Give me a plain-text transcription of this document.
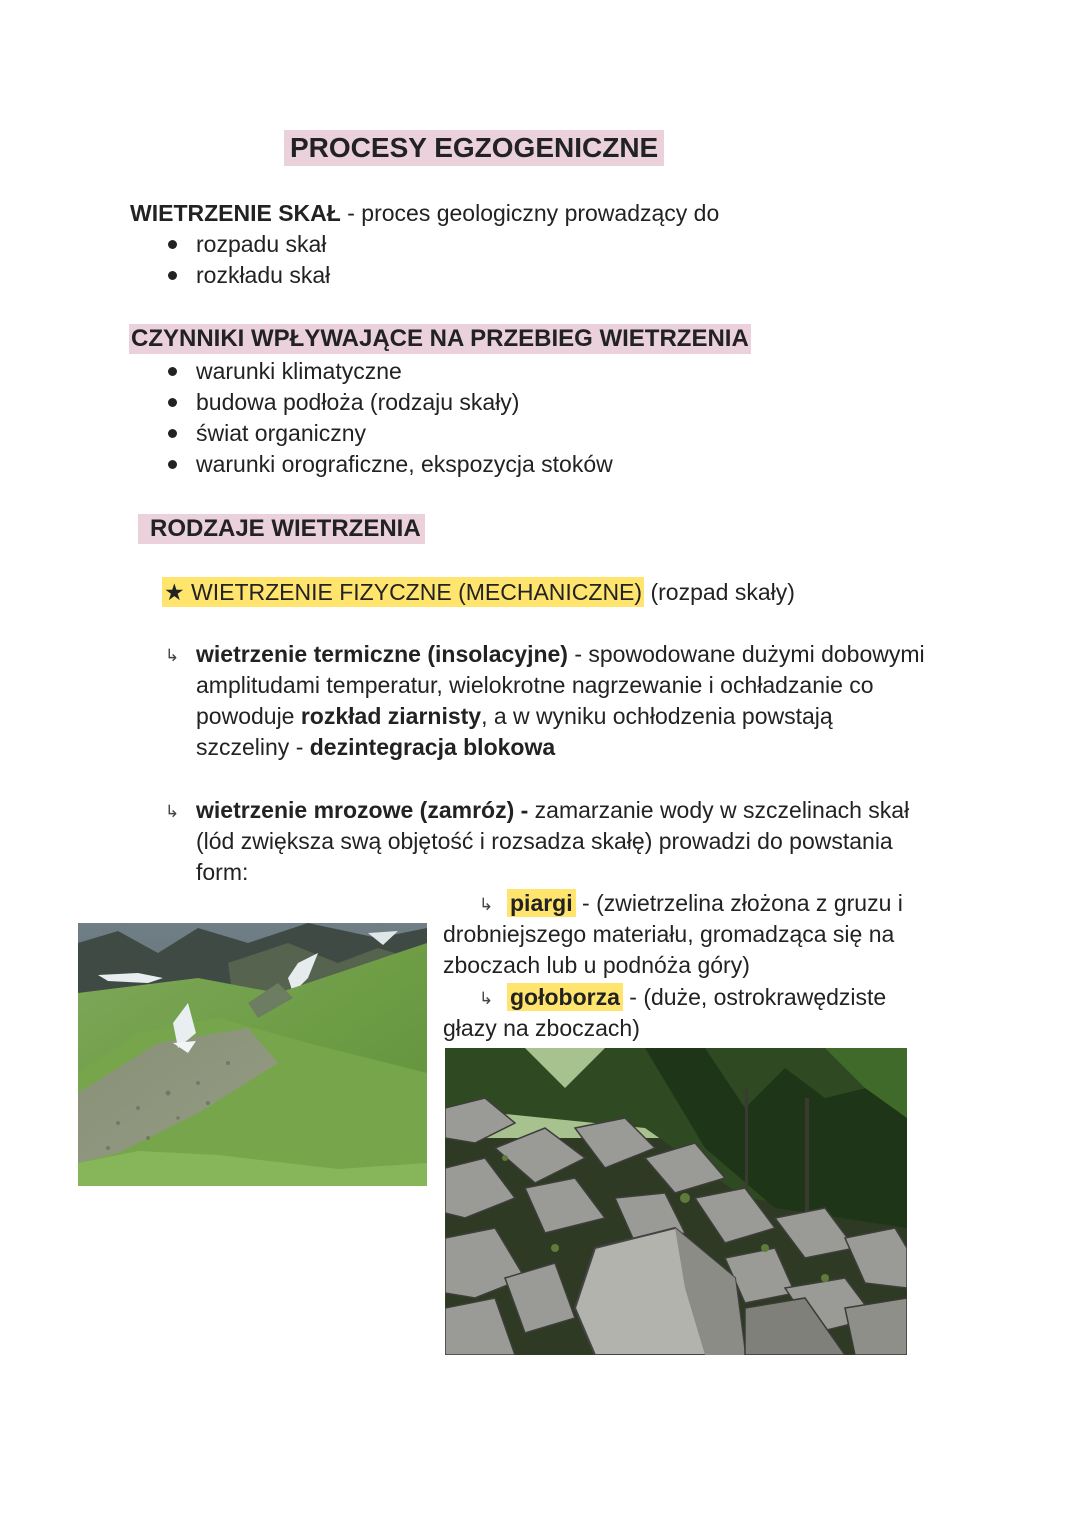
PROCESY EGZOGENICZNE
WIETRZENIE SKAŁ - proces geologiczny prowadzący do
rozpadu skał
rozkładu skał
CZYNNIKI WPŁYWAJĄCE NA PRZEBIEG WIETRZENIA
warunki klimatyczne
budowa podłoża (rodzaju skały)
świat organiczny
warunki orograficzne, ekspozycja stoków
RODZAJE WIETRZENIA
★ WIETRZENIE FIZYCZNE (MECHANICZNE) (rozpad skały)
↳ wietrzenie termiczne (insolacyjne) - spowodowane dużymi dobowymi
amplitudami temperatur, wielokrotne nagrzewanie i ochładzanie co
powoduje rozkład ziarnisty, a w wyniku ochłodzenia powstają
szczeliny - dezintegracja blokowa
↳ wietrzenie mrozowe (zamróz) - zamarzanie wody w szczelinach skał
(lód zwiększa swą objętość i rozsadza skałę) prowadzi do powstania
form:
↳ piargi - (zwietrzelina złożona z gruzu i
drobniejszego materiału, gromadząca się na
zboczach lub u podnóża góry)
↳ gołoborza - (duże, ostrokrawędziste
głazy na zboczach)
